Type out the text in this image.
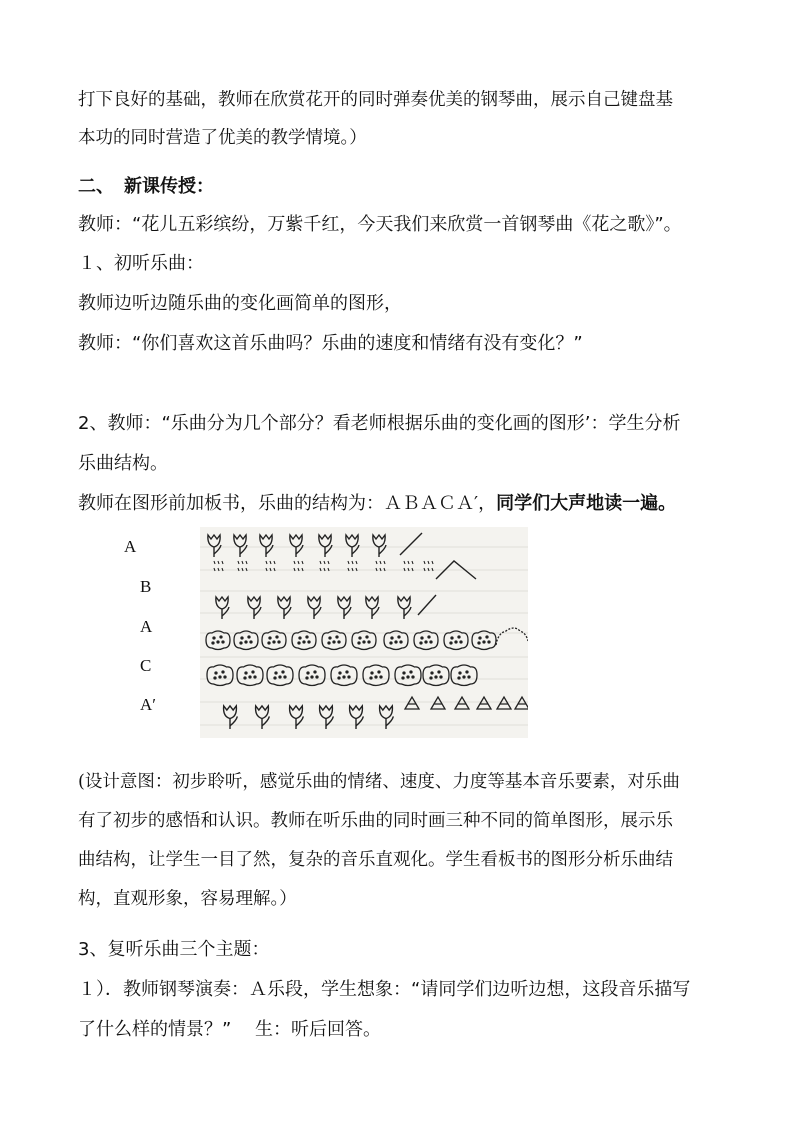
打下良好的基础，教师在欣赏花开的同时弹奏优美的钢琴曲，展示自己键盘基
本功的同时营造了优美的教学情境。）
二、 新课传授：
教师：“花儿五彩缤纷，万紫千红，今天我们来欣赏一首钢琴曲《花之歌》”。
１、初听乐曲：
教师边听边随乐曲的变化画简单的图形，
教师：“你们喜欢这首乐曲吗？乐曲的速度和情绪有没有变化？”
2、教师：“乐曲分为几个部分？看老师根据乐曲的变化画的图形’：学生分析
乐曲结构。
教师在图形前加板书，乐曲的结构为：ＡＢＡＣＡ′，同学们大声地读一遍。
A
B
A
C
A′
(设计意图：初步聆听，感觉乐曲的情绪、速度、力度等基本音乐要素，对乐曲
有了初步的感悟和认识。教师在听乐曲的同时画三种不同的简单图形，展示乐
曲结构，让学生一目了然，复杂的音乐直观化。学生看板书的图形分析乐曲结
构，直观形象，容易理解。）
3、复听乐曲三个主题：
１）．教师钢琴演奏：Ａ乐段，学生想象：“请同学们边听边想，这段音乐描写
了什么样的情景？”　 生：听后回答。
